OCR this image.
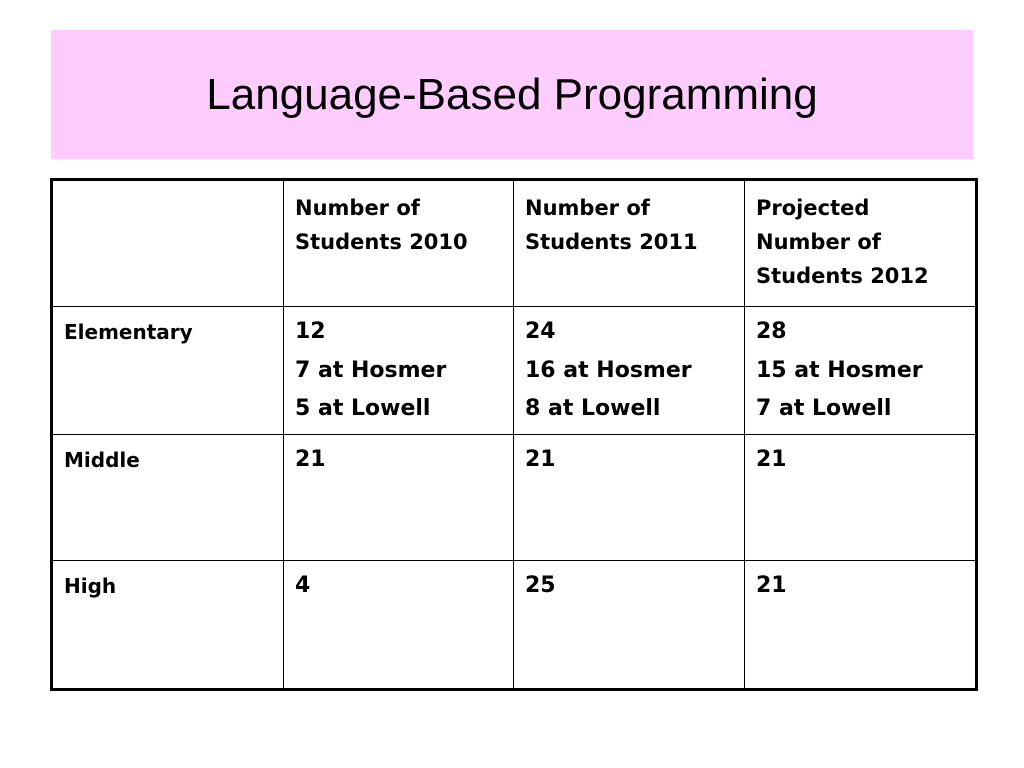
Language-Based Programming

	Number of
Students 2010	Number of
Students 2011	Projected
Number of
Students 2012

Elementary	12
7 at Hosmer
5 at Lowell	24
16 at Hosmer
8 at Lowell	28
15 at Hosmer
7 at Lowell

Middle	21	21	21

High	4	25	21
